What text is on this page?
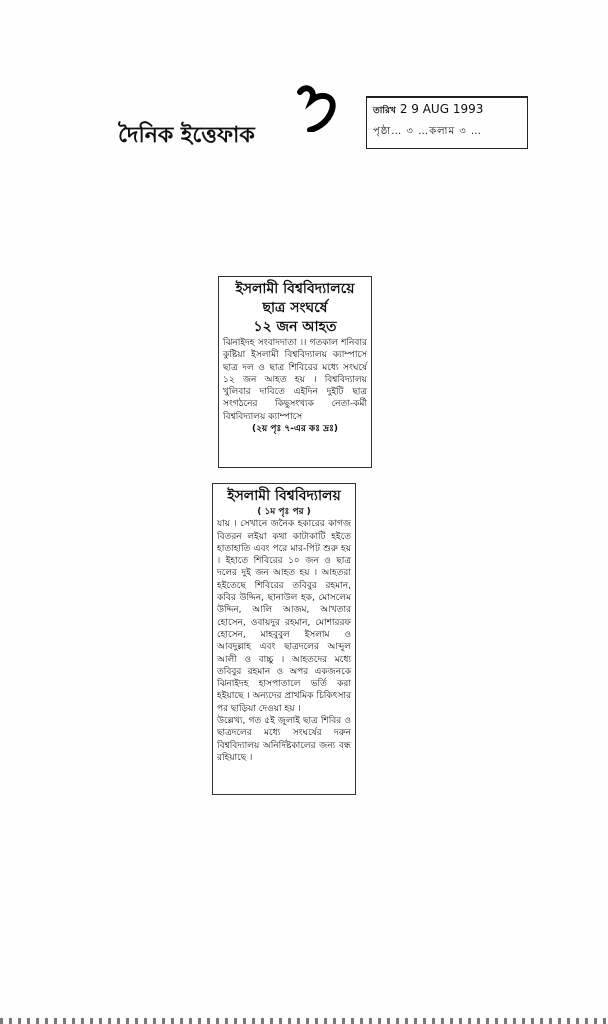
দৈনিক ইত্তেফাক
তারিখ 2 9 AUG 1993
পৃষ্ঠা… ৩ …কলাম ৩ …
ইসলামী বিশ্ববিদ্যালয়ে
ছাত্র সংঘর্ষে
১২ জন আহত

ঝিনাইদহ সংবাদদাতা ।। গতকাল শনিবার কুষ্টিয়া ইসলামী বিশ্ববিদ্যালয় ক্যাম্পাসে ছাত্র দল ও ছাত্র শিবিরের মধ্যে সংঘর্ষে ১২ জন আহত হয় । বিশ্ববিদ্যালয় খুলিবার দাবিতে এইদিন দুইটি ছাত্র সংগঠনের কিছুসংখ্যক নেতা-কর্মী বিশ্ববিদ্যালয় ক্যাম্পাসে

(২য় পৃঃ ৭-এর কঃ দ্রঃ)
ইসলামী বিশ্ববিদ্যালয়
( ১ম পৃঃ পর )

যায় । সেখানে জনৈক হকারের কাগজ বিতরন লইয়া কথা কাটাকাটি হইতে হাতাহাতি এবং পরে মার-পিট শুরু হয় । ইহাতে শিবিরের ১০ জন ও ছাত্র দলের দুই জন আহত হয় । আহতরা হইতেছে শিবিরের তবিবুর রহমান, কবির উদ্দিন, ছানাউল হক, মোসলেম উদ্দিন, আলি আজম, আখতার হোসেন, ওবায়দুর রহমান, মোশাররফ হোসেন, মাহবুবুল ইসলাম ও আবদুল্লাহ এবং ছাত্রদলের আব্দুল আলী ও বাচ্চু । আহতদের মধ্যে তবিবুর রহমান ও অপর একজনকে ঝিনাইদহ হাসপাতালে ভর্তি করা হইয়াছে । অন্যদের প্রাথমিক চিকিৎসার পর ছাড়িয়া দেওয়া হয় ।

উল্লেখ্য, গত ৫ই জুলাই ছাত্র শিবির ও ছাত্রদলের মধ্যে সংঘর্ষের দরুন বিশ্ববিদ্যালয় অনির্দিষ্টকালের জন্য বন্ধ রহিয়াছে ।
